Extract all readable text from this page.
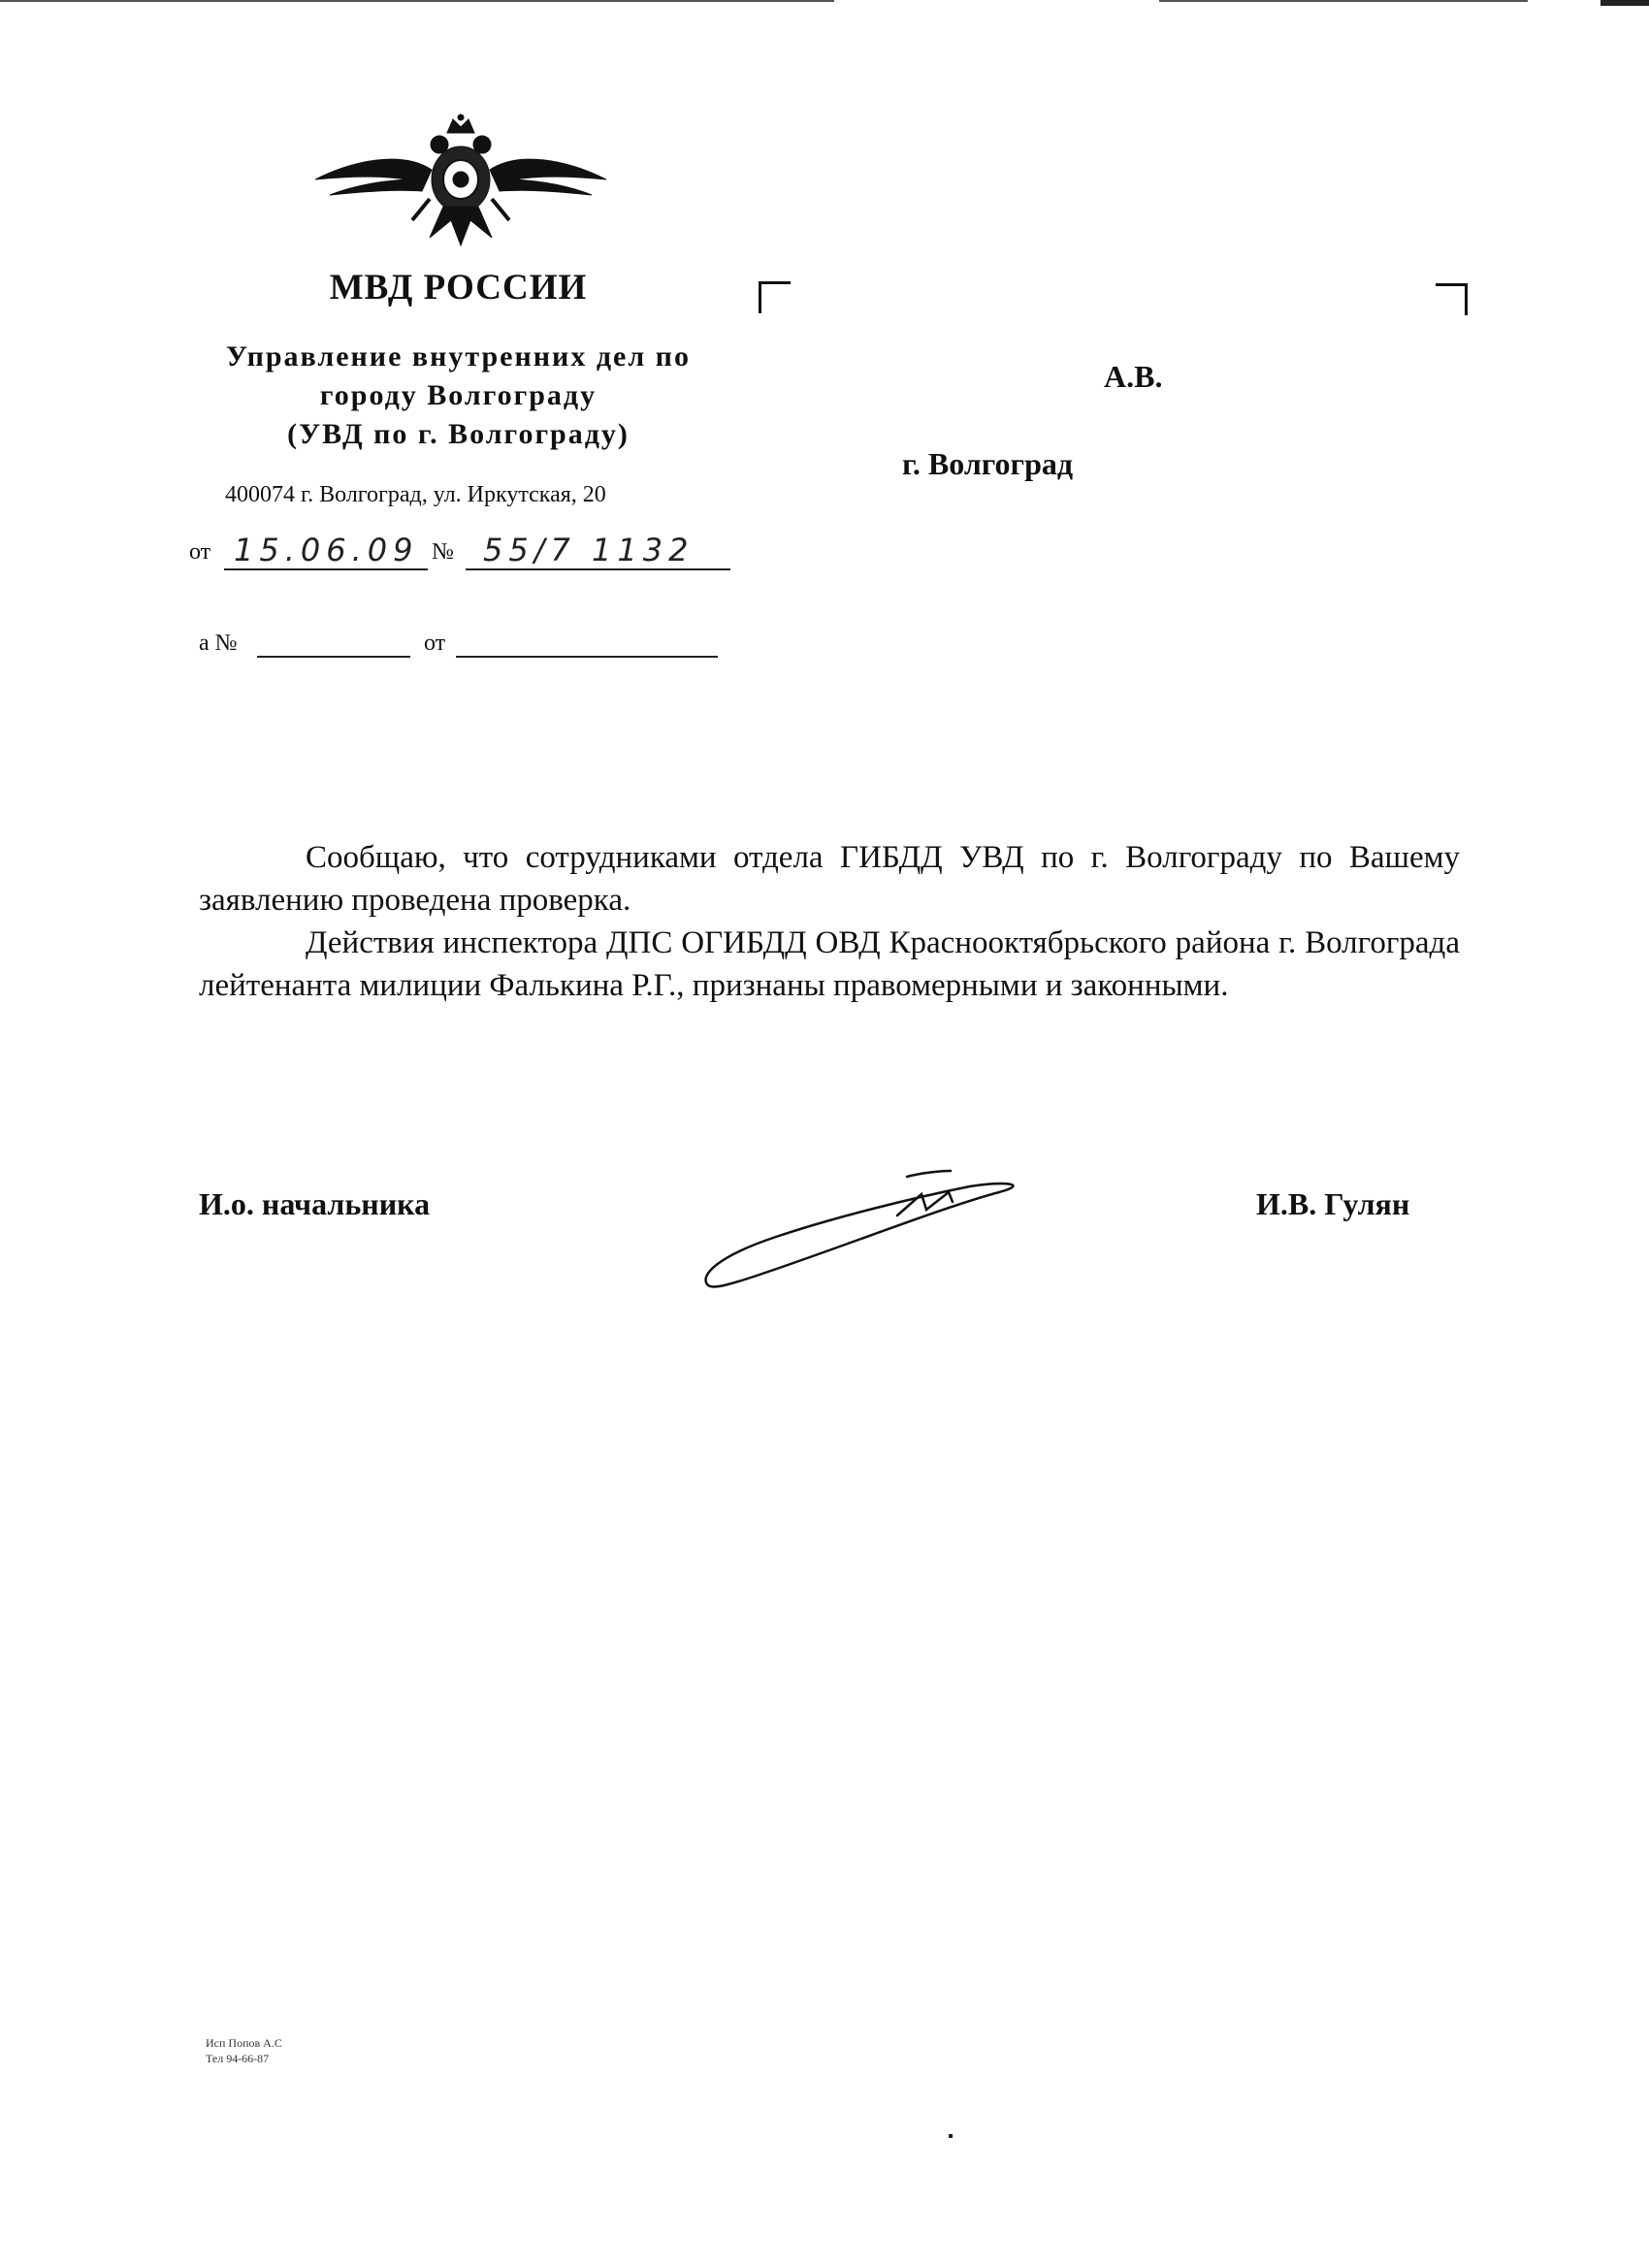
МВД РОССИИ
Управление внутренних дел по
городу Волгограду
(УВД по г. Волгограду)
400074 г. Волгоград, ул. Иркутская, 20
от 15.06.09 № 55/7 1132
а №	от
А.В.
г. Волгоград

Сообщаю, что сотрудниками отдела ГИБДД УВД по г. Волгограду по Вашему заявлению проведена проверка.

Действия инспектора ДПС ОГИБДД ОВД Краснооктябрьского района г. Волгограда лейтенанта милиции Фалькина Р.Г., признаны правомерными и законными.

И.о. начальника	И.В. Гулян
Исп Попов А.С
Тел 94-66-87
